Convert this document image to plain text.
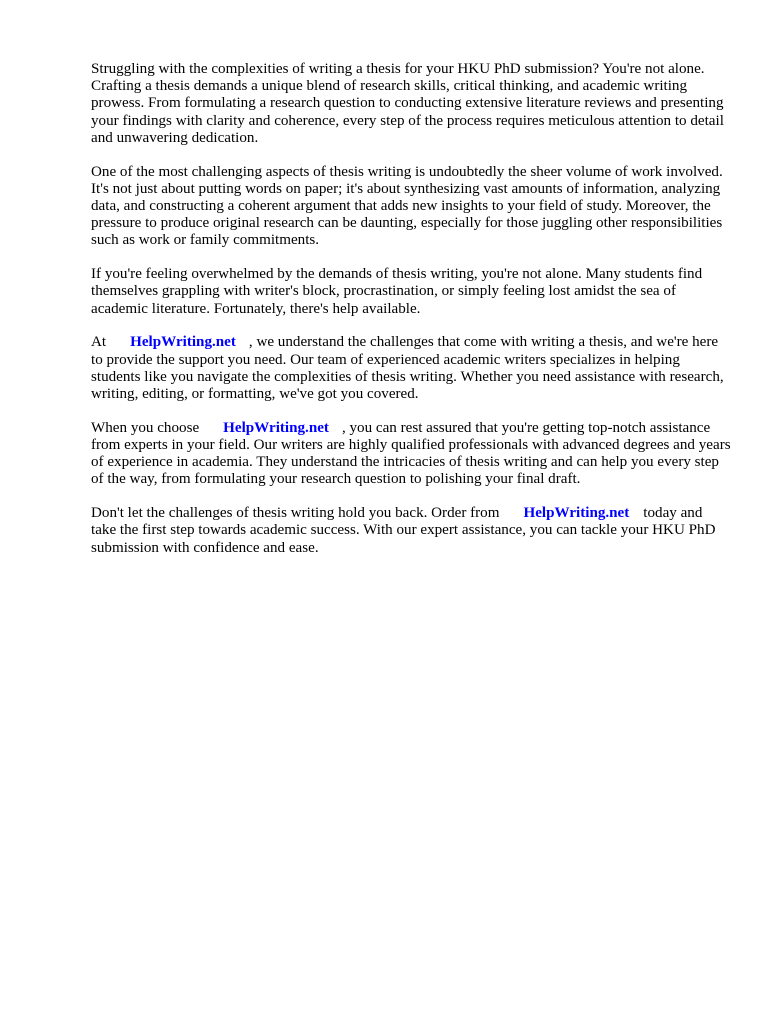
Struggling with the complexities of writing a thesis for your HKU PhD submission? You're not alone. Crafting a thesis demands a unique blend of research skills, critical thinking, and academic writing prowess. From formulating a research question to conducting extensive literature reviews and presenting your findings with clarity and coherence, every step of the process requires meticulous attention to detail and unwavering dedication.

One of the most challenging aspects of thesis writing is undoubtedly the sheer volume of work involved. It's not just about putting words on paper; it's about synthesizing vast amounts of information, analyzing data, and constructing a coherent argument that adds new insights to your field of study. Moreover, the pressure to produce original research can be daunting, especially for those juggling other responsibilities such as work or family commitments.

If you're feeling overwhelmed by the demands of thesis writing, you're not alone. Many students find themselves grappling with writer's block, procrastination, or simply feeling lost amidst the sea of academic literature. Fortunately, there's help available.

At HelpWriting.net , we understand the challenges that come with writing a thesis, and we're here to provide the support you need. Our team of experienced academic writers specializes in helping students like you navigate the complexities of thesis writing. Whether you need assistance with research, writing, editing, or formatting, we've got you covered.

When you choose HelpWriting.net , you can rest assured that you're getting top-notch assistance from experts in your field. Our writers are highly qualified professionals with advanced degrees and years of experience in academia. They understand the intricacies of thesis writing and can help you every step of the way, from formulating your research question to polishing your final draft.

Don't let the challenges of thesis writing hold you back. Order from HelpWriting.net today and take the first step towards academic success. With our expert assistance, you can tackle your HKU PhD submission with confidence and ease.
